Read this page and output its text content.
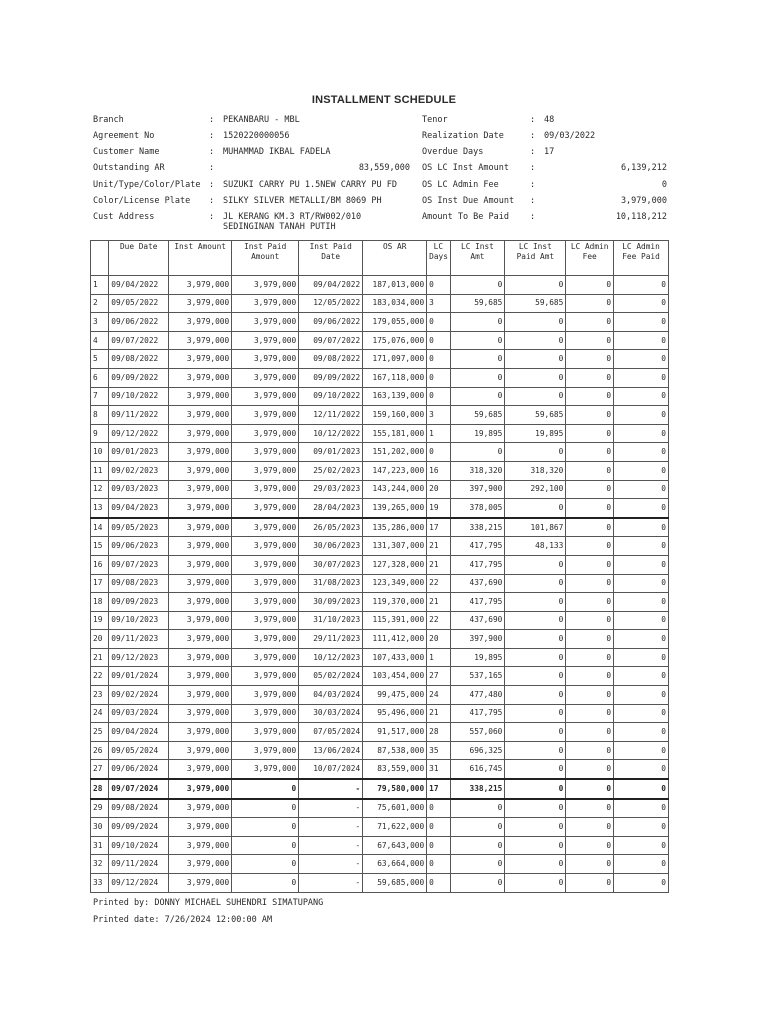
INSTALLMENT SCHEDULE
Branch	: PEKANBARU - MBL
Agreement No	: 1520220000056
Customer Name	: MUHAMMAD IKBAL FADELA
Outstanding AR	:	83,559,000
Unit/Type/Color/Plate : SUZUKI CARRY PU 1.5NEW CARRY PU FD
Color/License Plate : SILKY SILVER METALLI/BM 8069 PH
Cust Address	: JL KERANG KM.3 RT/RW002/010
SEDINGINAN TANAH PUTIH
Tenor	: 48
Realization Date	: 09/03/2022
Overdue Days	: 17
OS LC Inst Amount :	6,139,212
OS LC Admin Fee	:	0
OS Inst Due Amount :	3,979,000
Amount To Be Paid :	10,118,212
	Due Date	Inst Amount	Inst Paid Amount	Inst Paid Date	OS AR	LC Days	LC Inst Amt	LC Inst Paid Amt	LC Admin Fee	LC Admin Fee Paid
1	09/04/2022	3,979,000	3,979,000	09/04/2022	187,013,000	0	0	0	0	0
2	09/05/2022	3,979,000	3,979,000	12/05/2022	183,034,000	3	59,685	59,685	0	0
3	09/06/2022	3,979,000	3,979,000	09/06/2022	179,055,000	0	0	0	0	0
4	09/07/2022	3,979,000	3,979,000	09/07/2022	175,076,000	0	0	0	0	0
5	09/08/2022	3,979,000	3,979,000	09/08/2022	171,097,000	0	0	0	0	0
6	09/09/2022	3,979,000	3,979,000	09/09/2022	167,118,000	0	0	0	0	0
7	09/10/2022	3,979,000	3,979,000	09/10/2022	163,139,000	0	0	0	0	0
8	09/11/2022	3,979,000	3,979,000	12/11/2022	159,160,000	3	59,685	59,685	0	0
9	09/12/2022	3,979,000	3,979,000	10/12/2022	155,181,000	1	19,895	19,895	0	0
10	09/01/2023	3,979,000	3,979,000	09/01/2023	151,202,000	0	0	0	0	0
11	09/02/2023	3,979,000	3,979,000	25/02/2023	147,223,000	16	318,320	318,320	0	0
12	09/03/2023	3,979,000	3,979,000	29/03/2023	143,244,000	20	397,900	292,100	0	0
13	09/04/2023	3,979,000	3,979,000	28/04/2023	139,265,000	19	378,005	0	0	0
14	09/05/2023	3,979,000	3,979,000	26/05/2023	135,286,000	17	338,215	101,867	0	0
15	09/06/2023	3,979,000	3,979,000	30/06/2023	131,307,000	21	417,795	48,133	0	0
16	09/07/2023	3,979,000	3,979,000	30/07/2023	127,328,000	21	417,795	0	0	0
17	09/08/2023	3,979,000	3,979,000	31/08/2023	123,349,000	22	437,690	0	0	0
18	09/09/2023	3,979,000	3,979,000	30/09/2023	119,370,000	21	417,795	0	0	0
19	09/10/2023	3,979,000	3,979,000	31/10/2023	115,391,000	22	437,690	0	0	0
20	09/11/2023	3,979,000	3,979,000	29/11/2023	111,412,000	20	397,900	0	0	0
21	09/12/2023	3,979,000	3,979,000	10/12/2023	107,433,000	1	19,895	0	0	0
22	09/01/2024	3,979,000	3,979,000	05/02/2024	103,454,000	27	537,165	0	0	0
23	09/02/2024	3,979,000	3,979,000	04/03/2024	99,475,000	24	477,480	0	0	0
24	09/03/2024	3,979,000	3,979,000	30/03/2024	95,496,000	21	417,795	0	0	0
25	09/04/2024	3,979,000	3,979,000	07/05/2024	91,517,000	28	557,060	0	0	0
26	09/05/2024	3,979,000	3,979,000	13/06/2024	87,538,000	35	696,325	0	0	0
27	09/06/2024	3,979,000	3,979,000	10/07/2024	83,559,000	31	616,745	0	0	0
28	09/07/2024	3,979,000	0	-	79,580,000	17	338,215	0	0	0
29	09/08/2024	3,979,000	0	-	75,601,000	0	0	0	0	0
30	09/09/2024	3,979,000	0	-	71,622,000	0	0	0	0	0
31	09/10/2024	3,979,000	0	-	67,643,000	0	0	0	0	0
32	09/11/2024	3,979,000	0	-	63,664,000	0	0	0	0	0
33	09/12/2024	3,979,000	0	-	59,685,000	0	0	0	0	0
Printed by: DONNY MICHAEL SUHENDRI SIMATUPANG
Printed date: 7/26/2024 12:00:00 AM
